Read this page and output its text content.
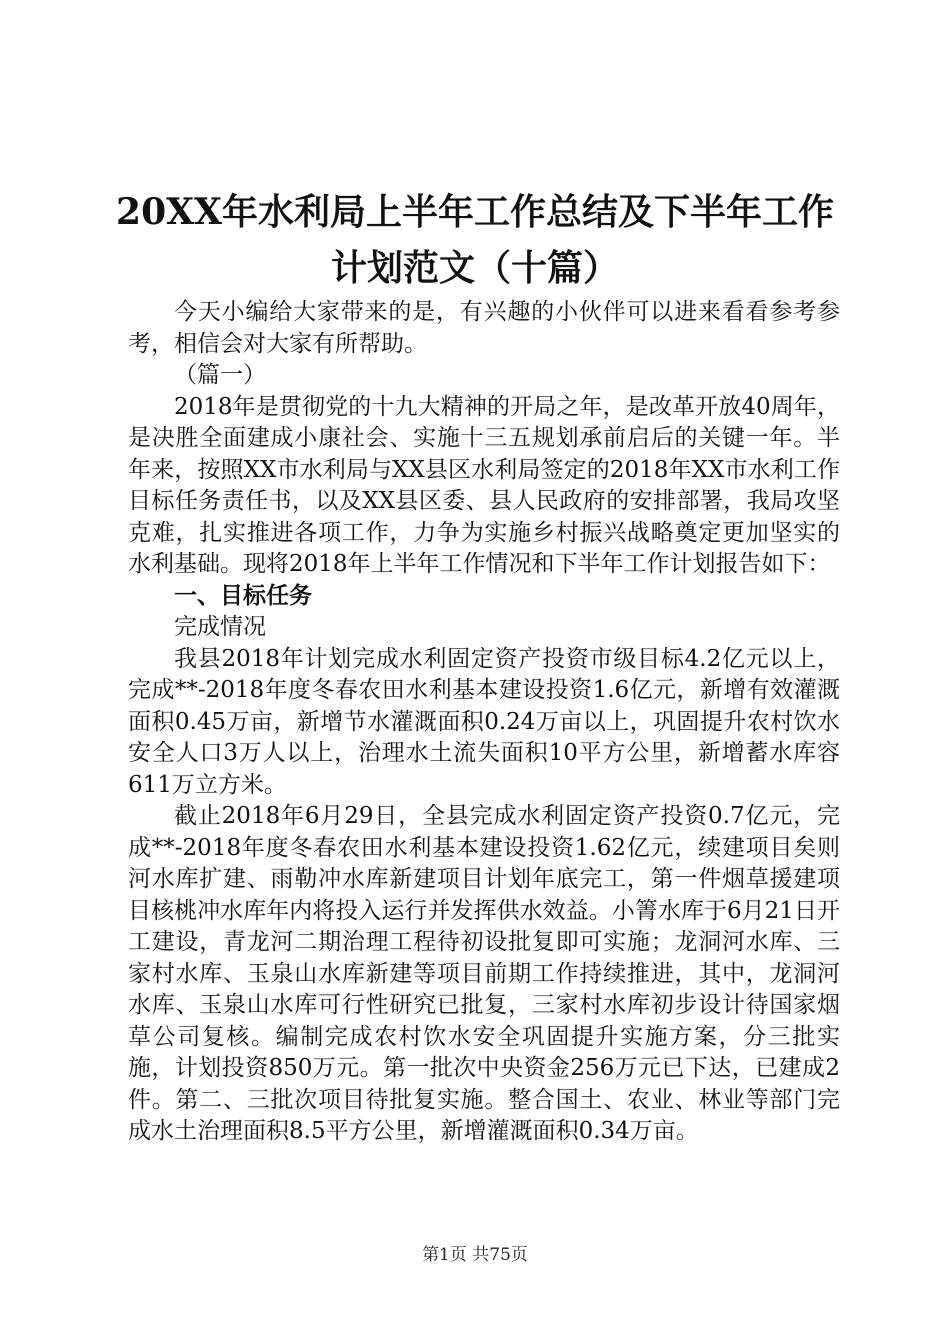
20XX年水利局上半年工作总结及下半年工作
计划范文（十篇）

今天小编给大家带来的是，有兴趣的小伙伴可以进来看看参考参考，相信会对大家有所帮助。

（篇一）

2018年是贯彻党的十九大精神的开局之年，是改革开放40周年，是决胜全面建成小康社会、实施十三五规划承前启后的关键一年。半年来，按照XX市水利局与XX县区水利局签定的2018年XX市水利工作目标任务责任书，以及XX县区委、县人民政府的安排部署，我局攻坚克难，扎实推进各项工作，力争为实施乡村振兴战略奠定更加坚实的水利基础。现将2018年上半年工作情况和下半年工作计划报告如下：

一、目标任务

完成情况

我县2018年计划完成水利固定资产投资市级目标4.2亿元以上，完成**-2018年度冬春农田水利基本建设投资1.6亿元，新增有效灌溉面积0.45万亩，新增节水灌溉面积0.24万亩以上，巩固提升农村饮水安全人口3万人以上，治理水土流失面积10平方公里，新增蓄水库容611万立方米。

截止2018年6月29日，全县完成水利固定资产投资0.7亿元，完成**-2018年度冬春农田水利基本建设投资1.62亿元，续建项目矣则河水库扩建、雨勒冲水库新建项目计划年底完工，第一件烟草援建项目核桃冲水库年内将投入运行并发挥供水效益。小箐水库于6月21日开工建设，青龙河二期治理工程待初设批复即可实施；龙洞河水库、三家村水库、玉泉山水库新建等项目前期工作持续推进，其中，龙洞河水库、玉泉山水库可行性研究已批复，三家村水库初步设计待国家烟草公司复核。编制完成农村饮水安全巩固提升实施方案，分三批实施，计划投资850万元。第一批次中央资金256万元已下达，已建成2件。第二、三批次项目待批复实施。整合国土、农业、林业等部门完成水土治理面积8.5平方公里，新增灌溉面积0.34万亩。

第1页 共75页
